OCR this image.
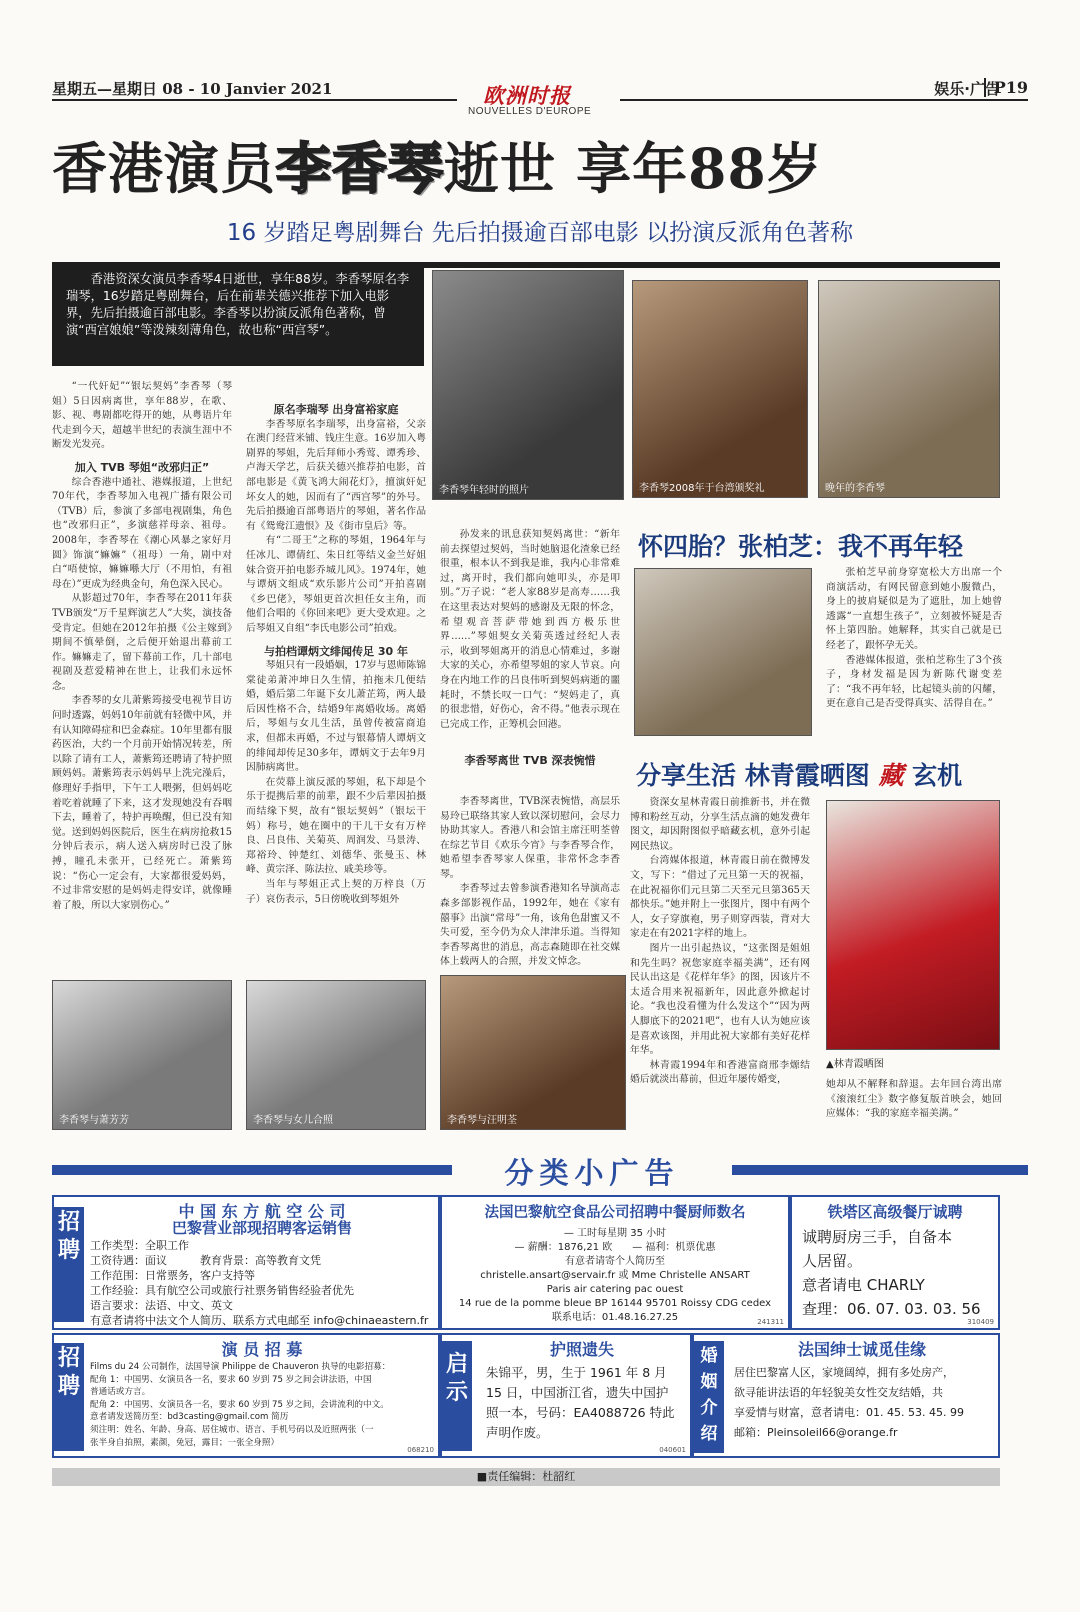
星期五—星期日 08 - 10 Janvier 2021	欧洲时报
NOUVELLES D'EUROPE
娱乐·广告
P19
香港演员李香琴逝世 享年88岁
16 岁踏足粤剧舞台 先后拍摄逾百部电影 以扮演反派角色著称
香港资深女演员李香琴4日逝世，享年88岁。李香琴原名李瑞琴，16岁踏足粤剧舞台，后在前辈关德兴推荐下加入电影界，先后拍摄逾百部电影。李香琴以扮演反派角色著称，曾演“西宫娘娘”等泼辣刻薄角色，故也称“西宫琴”。
李香琴年轻时的照片	李香琴2008年于台湾颁奖礼	晚年的李香琴

“一代奸妃”“银坛契妈”李香琴（琴姐）5日因病离世，享年88岁，在歌、影、视、粤剧都吃得开的她，从粤语片年代走到今天，超越半世纪的表演生涯中不断发光发亮。

加入 TVB 琴姐“改邪归正”

综合香港中通社、港媒报道，上世纪70年代，李香琴加入电视广播有限公司（TVB）后，参演了多部电视剧集，角色也“改邪归正”，多演慈祥母亲、祖母。2008年，李香琴在《潮心风暴之家好月圆》饰演“嫲嫲”（祖母）一角，剧中对白“唔使惊，嫲嫲喺大厅（不用怕，有祖母在）”更成为经典金句，角色深入民心。

从影超过70年，李香琴在2011年获TVB颁发“万千星辉演艺人”大奖，演技备受肯定。但她在2012年拍摄《公主嫁到》期间不慎晕倒，之后便开始退出幕前工作。嫲嫲走了，留下幕前工作，几十部电视剧及惹爱精神在世上，让我们永远怀念。

李香琴的女儿萧紫筠接受电视节目访问时透露，妈妈10年前就有轻微中风，并有认知障碍症和巴金森症。10年里都有服药医治，大约一个月前开始情况转差，所以除了请有工人，萧紫筠还聘请了特护照顾妈妈。萧紫筠表示妈妈早上洗完澡后，修理好手指甲，下午工人喂粥，但妈妈吃着吃着就睡了下来，这才发现她没有吞咽下去，睡着了，特护再唤醒，但已没有知觉。送到妈妈医院后，医生在病房抢救15分钟后表示，病人送入病房时已没了脉搏，瞳孔未张开，已经死亡。萧紫筠说：“伤心一定会有，大家都很爱妈妈，不过非常安慰的是妈妈走得安详，就像睡着了般，所以大家别伤心。”

原名李瑞琴 出身富裕家庭

李香琴原名李瑞琴，出身富裕，父亲在澳门经营米铺、钱庄生意。16岁加入粤剧界的琴姐，先后拜师小秀莺、谭秀珍、卢海天学艺，后获关德兴推荐拍电影，首部电影是《黄飞鸿大闹花灯》，擅演奸妃坏女人的她，因而有了“西宫琴”的外号。先后拍摄逾百部粤语片的琴姐，著名作品有《鸳鸯江遗恨》及《街市皇后》等。

有“二哥王”之称的琴姐，1964年与任冰儿、谭倩红、朱日红等结义金兰好姐妹合资开拍电影乔城儿风》。1974年，她与谭炳文组成“欢乐影片公司”开拍喜剧《乡巴佬》，琴姐更首次担任女主角，而他们合唱的《你回来吧》更大受欢迎。之后琴姐又自组“李氏电影公司”拍戏。

与拍档谭炳文绯闻传足 30 年

琴姐只有一段婚姻，17岁与恩师陈锦棠徒弟萧冲坤日久生情，拍拖未几便结婚，婚后第二年诞下女儿萧芷筠，两人最后因性格不合，结婚9年离婚收场。离婚后，琴姐与女儿生活，虽曾传被富商追求，但都未再婚，不过与银幕情人谭炳文的绯闻却传足30多年，谭炳文于去年9月因肺病离世。

在荧幕上演反派的琴姐，私下却是个乐于提携后辈的前辈，跟不少后辈因拍摄而结缘下契，故有“银坛契妈”（银坛干妈）称号，她在圈中的干儿干女有万梓良、吕良伟、关菊英、周润发、马景涛、郑裕玲、钟楚红、刘德华、张曼玉、林峰、黄宗泽、陈法拉、戚美珍等。

当年与琴姐正式上契的万梓良（万子）哀伤表示，5日傍晚收到琴姐外

孙发来的讯息获知契妈离世：“新年前去探望过契妈，当时她脑退化渣象已经很重，根本认不到我是谁，我内心非常难过，离开时，我们都向她叩头，亦是叩别。”万子说：“老人家88岁是高寿……我在这里表达对契妈的感谢及无限的怀念，希望观音菩萨带她到西方极乐世界……”琴姐契女关菊英透过经纪人表示，收到琴姐离开的消息心情难过，多谢大家的关心，亦希望琴姐的家人节哀。向身在内地工作的吕良伟听到契妈病逝的噩耗时，不禁长叹一口气：“契妈走了，真的很悲惜，好伤心，舍不得。”他表示现在已完成工作，正筹机会回港。

李香琴离世 TVB 深表惋惜

李香琴离世，TVB深表惋惜，高层乐易玲已联络其家人致以深切慰问，会尽力协助其家人。香港八和会馆主席汪明荃曾在综艺节目《欢乐今宵》与李香琴合作，她希望李香琴家人保重，非常怀念李香琴。

李香琴过去曾参演香港知名导演高志森多部影视作品，1992年，她在《家有囍事》出演“常母”一角，该角色甜蜜又不失可爱，至今仍为众人津津乐道。当得知李香琴离世的消息，高志森随即在社交媒体上载两人的合照，并发文悼念。

李香琴与萧芳芳	李香琴与女儿合照	李香琴与汪明荃
怀四胎？张柏芝：我不再年轻

张柏芝早前身穿宽松大方出席一个商演活动，有网民留意到她小腹微凸，身上的披肩疑似是为了遮肚，加上她曾透露“一直想生孩子”，立刻被怀疑是否怀上第四胎。她解释，其实自己就是已经老了，跟怀孕无关。

香港媒体报道，张柏芝称生了3个孩子，身材发福是因为新陈代谢变差了：“我不再年轻，比起镜头前的闪耀，更在意自己是否受得真实、活得自在。”

分享生活 林青霞晒图 藏 玄机

资深女星林青霞日前推新书，并在微博和粉丝互动，分享生活点滴的她发费年图文，却因附图似乎暗藏玄机，意外引起网民热议。

台湾媒体报道，林青霞日前在微博发文，写下：“借过了元旦第一天的祝福，在此祝福你们元旦第二天至元旦第365天都快乐。”她并附上一张图片，图中有两个人，女子穿旗袍，男子则穿西装，背对大家走在有2021字样的地上。

图片一出引起热议，“这张图是姐姐和先生吗？祝您家庭幸福美满”，还有网民认出这是《花样年华》的图，因该片不太适合用来祝福新年，因此意外掀起讨论。“我也没看懂为什么发这个”“因为两人脚底下的2021吧”，也有人认为她应该是喜欢该图，并用此祝大家都有美好花样年华。

林青霞1994年和香港富商邢李㷧结婚后就淡出幕前，但近年屡传婚变，

▲林青霞晒图
她却从不解释和辞退。去年回台湾出席《滚滚红尘》数字修复版首映会，她回应媒体：“我的家庭幸福美满。”
分类小广告
招聘
中 国 东 方 航 空 公 司
巴黎营业部现招聘客运销售
工作类型：全职工作
工资待遇：面议　　　教育背景：高等教育文凭
工作范围：日常票务，客户支持等
工作经验：具有航空公司或旅行社票务销售经验者优先
语言要求：法语、中文、英文
有意者请将中法文个人简历、联系方式电邮至 info@chinaeastern.fr
法国巴黎航空食品公司招聘中餐厨师数名
— 工时每星期 35 小时
— 薪酬：1876,21 欧　　— 福利：机票优惠
有意者请寄个人简历至
christelle.ansart@servair.fr 或 Mme Christelle ANSART
Paris air catering pac ouest
14 rue de la pomme bleue BP 16144 95701 Roissy CDG cedex
联系电话：01.48.16.27.25	241311
铁塔区高级餐厅诚聘
诚聘厨房三手，自备本
人居留。
意者请电 CHARLY
查理：06. 07. 03. 03. 56
310409
招聘
演 员 招 募
Films du 24 公司制作，法国导演 Philippe de Chauveron 执导的电影招募：
配角 1：中国男、女演员各一名，要求 60 岁到 75 岁之间会讲法语，中国
普通话或方言。
配角 2：中国男、女演员各一名，要求 60 岁到 75 岁之间，会讲流利的中文。
意者请发送简历至：bd3casting@gmail.com 简历
须注明：姓名、年龄、身高、居住城市、语言、手机号码以及近照两张（一
张半身自拍照，素颜，免冠，露目；一张全身照）
068210
启示
护照遗失
朱锦平，男，生于 1961 年 8 月
15 日，中国浙江省，遗失中国护
照一本，号码：EA4088726 特此
声明作废。
040601
婚姻介绍
法国绅士诚觅佳缘
居住巴黎富人区，家境阔绰，拥有多处房产，
欲寻能讲法语的年轻貌美女性交友结婚，共
享爱情与财富，意者请电：01. 45. 53. 45. 99
邮箱：Pleinsoleil66@orange.fr
■责任编辑：杜韶红
